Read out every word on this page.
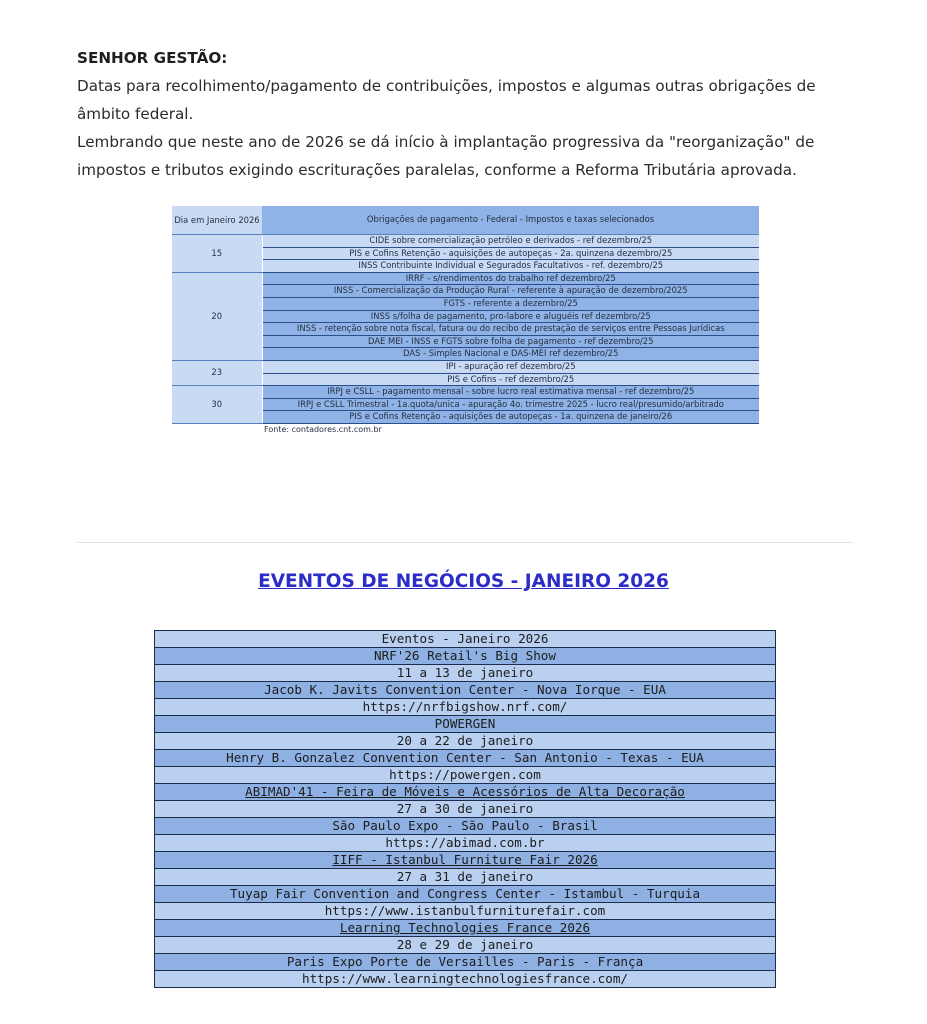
SENHOR GESTÃO:

Datas para recolhimento/pagamento de contribuições, impostos e algumas outras obrigações de âmbito federal.

Lembrando que neste ano de 2026 se dá início à implantação progressiva da "reorganização" de impostos e tributos exigindo escriturações paralelas, conforme a Reforma Tributária aprovada.

Dia em Janeiro 2026	Obrigações de pagamento - Federal - Impostos e taxas selecionados
15	CIDE sobre comercialização petróleo e derivados - ref dezembro/25
	PIS e Cofins Retenção - aquisições de autopeças - 2a. quinzena dezembro/25
	INSS Contribuinte Individual e Segurados Facultativos - ref. dezembro/25
20	IRRF - s/rendimentos do trabalho ref dezembro/25
	INSS - Comercialização da Produção Rural - referente à apuração de dezembro/2025
	FGTS - referente a dezembro/25
	INSS s/folha de pagamento, pro-labore e aluguéis ref dezembro/25
	INSS - retenção sobre nota fiscal, fatura ou do recibo de prestação de serviços entre Pessoas Jurídicas
	DAE MEI - INSS e FGTS sobre folha de pagamento - ref dezembro/25
	DAS - Simples Nacional e DAS-MEI ref dezembro/25
23	IPI - apuração ref dezembro/25
	PIS e Cofins - ref dezembro/25
30	IRPJ e CSLL - pagamento mensal - sobre lucro real estimativa mensal - ref dezembro/25
	IRPJ e CSLL Trimestral - 1a.quota/unica - apuração 4o. trimestre 2025 - lucro real/presumido/arbitrado
	PIS e Cofins Retenção - aquisições de autopeças - 1a. quinzena de janeiro/26
	Fonte: contadores.cnt.com.br
EVENTOS DE NEGÓCIOS - JANEIRO 2026
Eventos - Janeiro 2026
NRF'26 Retail's Big Show
11 a 13 de janeiro
Jacob K. Javits Convention Center - Nova Iorque - EUA
https://nrfbigshow.nrf.com/
POWERGEN
20 a 22 de janeiro
Henry B. Gonzalez Convention Center - San Antonio - Texas - EUA
https://powergen.com
ABIMAD'41 - Feira de Móveis e Acessórios de Alta Decoração
27 a 30 de janeiro
São Paulo Expo - São Paulo - Brasil
https://abimad.com.br
IIFF - Istanbul Furniture Fair 2026
27 a 31 de janeiro
Tuyap Fair Convention and Congress Center - Istambul - Turquia
https://www.istanbulfurniturefair.com
Learning Technologies France 2026
28 e 29 de janeiro
Paris Expo Porte de Versailles - Paris - França
https://www.learningtechnologiesfrance.com/
